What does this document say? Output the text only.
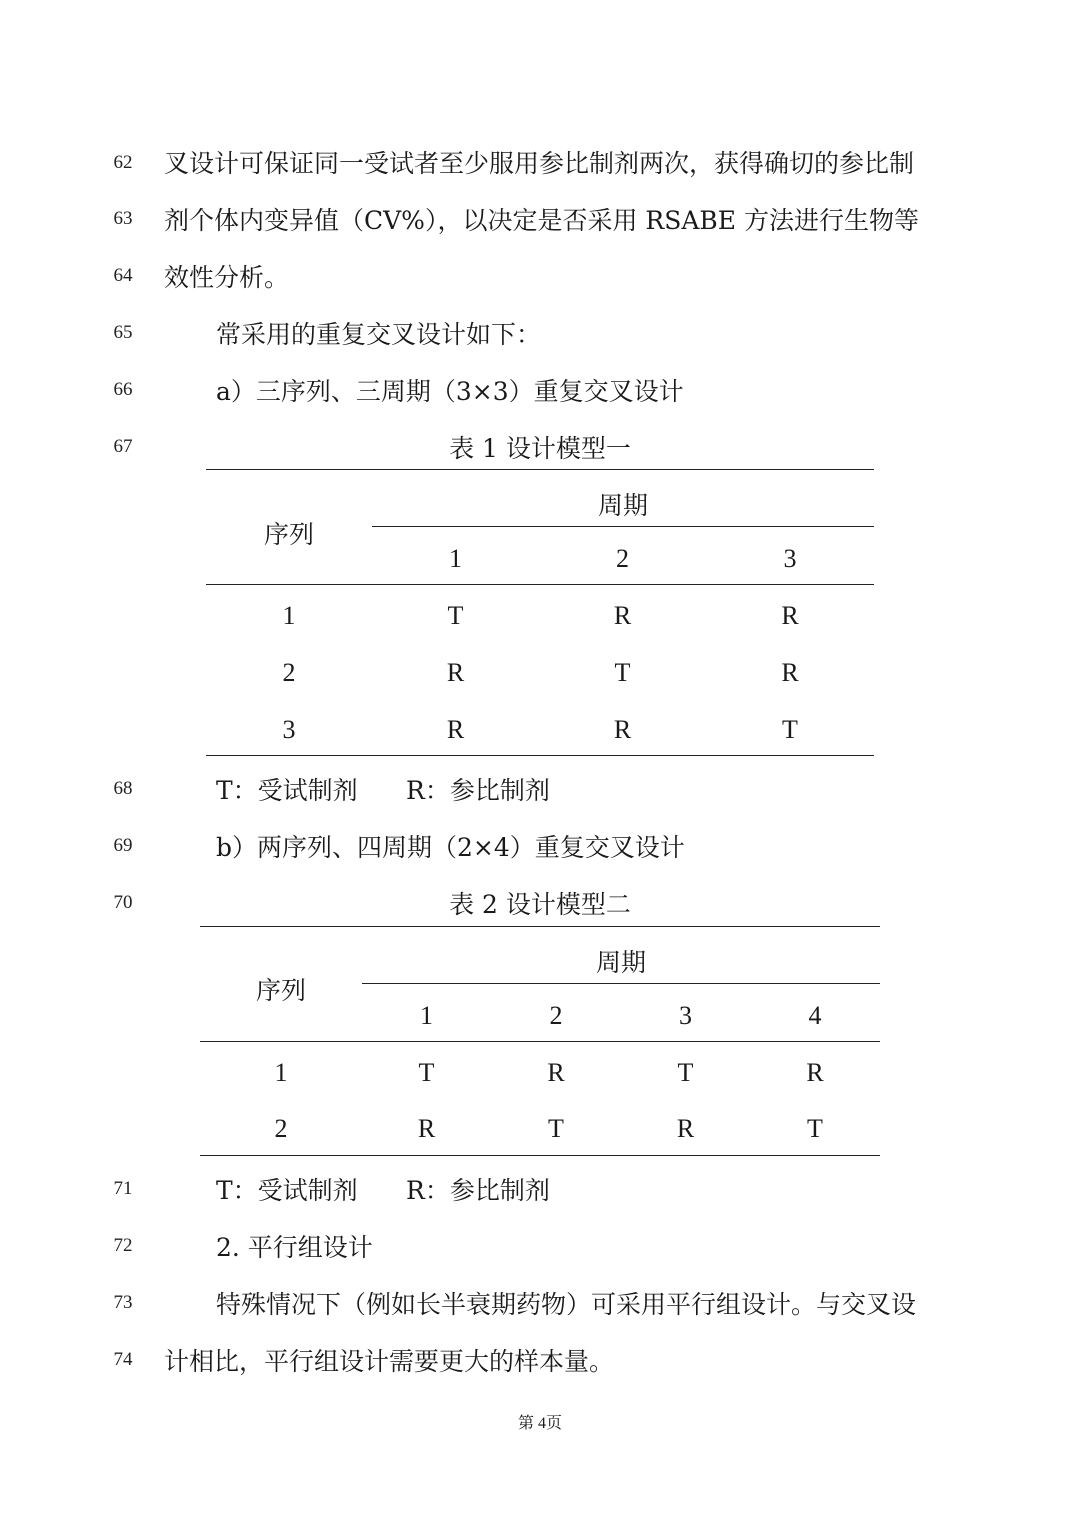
62
63
64
65
66
67
68
69
70
71
72
73
74
叉设计可保证同一受试者至少服用参比制剂两次，获得确切的参比制
剂个体内变异值（CV%），以决定是否采用 RSABE 方法进行生物等
效性分析。
常采用的重复交叉设计如下：
a）三序列、三周期（3×3）重复交叉设计
表 1 设计模型一
序列
周期
1	2	3
1	T	R	R
2	R	T	R
3	R	R	T
T：受试制剂 R：参比制剂
b）两序列、四周期（2×4）重复交叉设计
表 2 设计模型二
序列
周期
1	2	3	4
1	T	R	T	R
2	R	T	R	T
T：受试制剂 R：参比制剂
2. 平行组设计
特殊情况下（例如长半衰期药物）可采用平行组设计。与交叉设
计相比，平行组设计需要更大的样本量。
第 4页
